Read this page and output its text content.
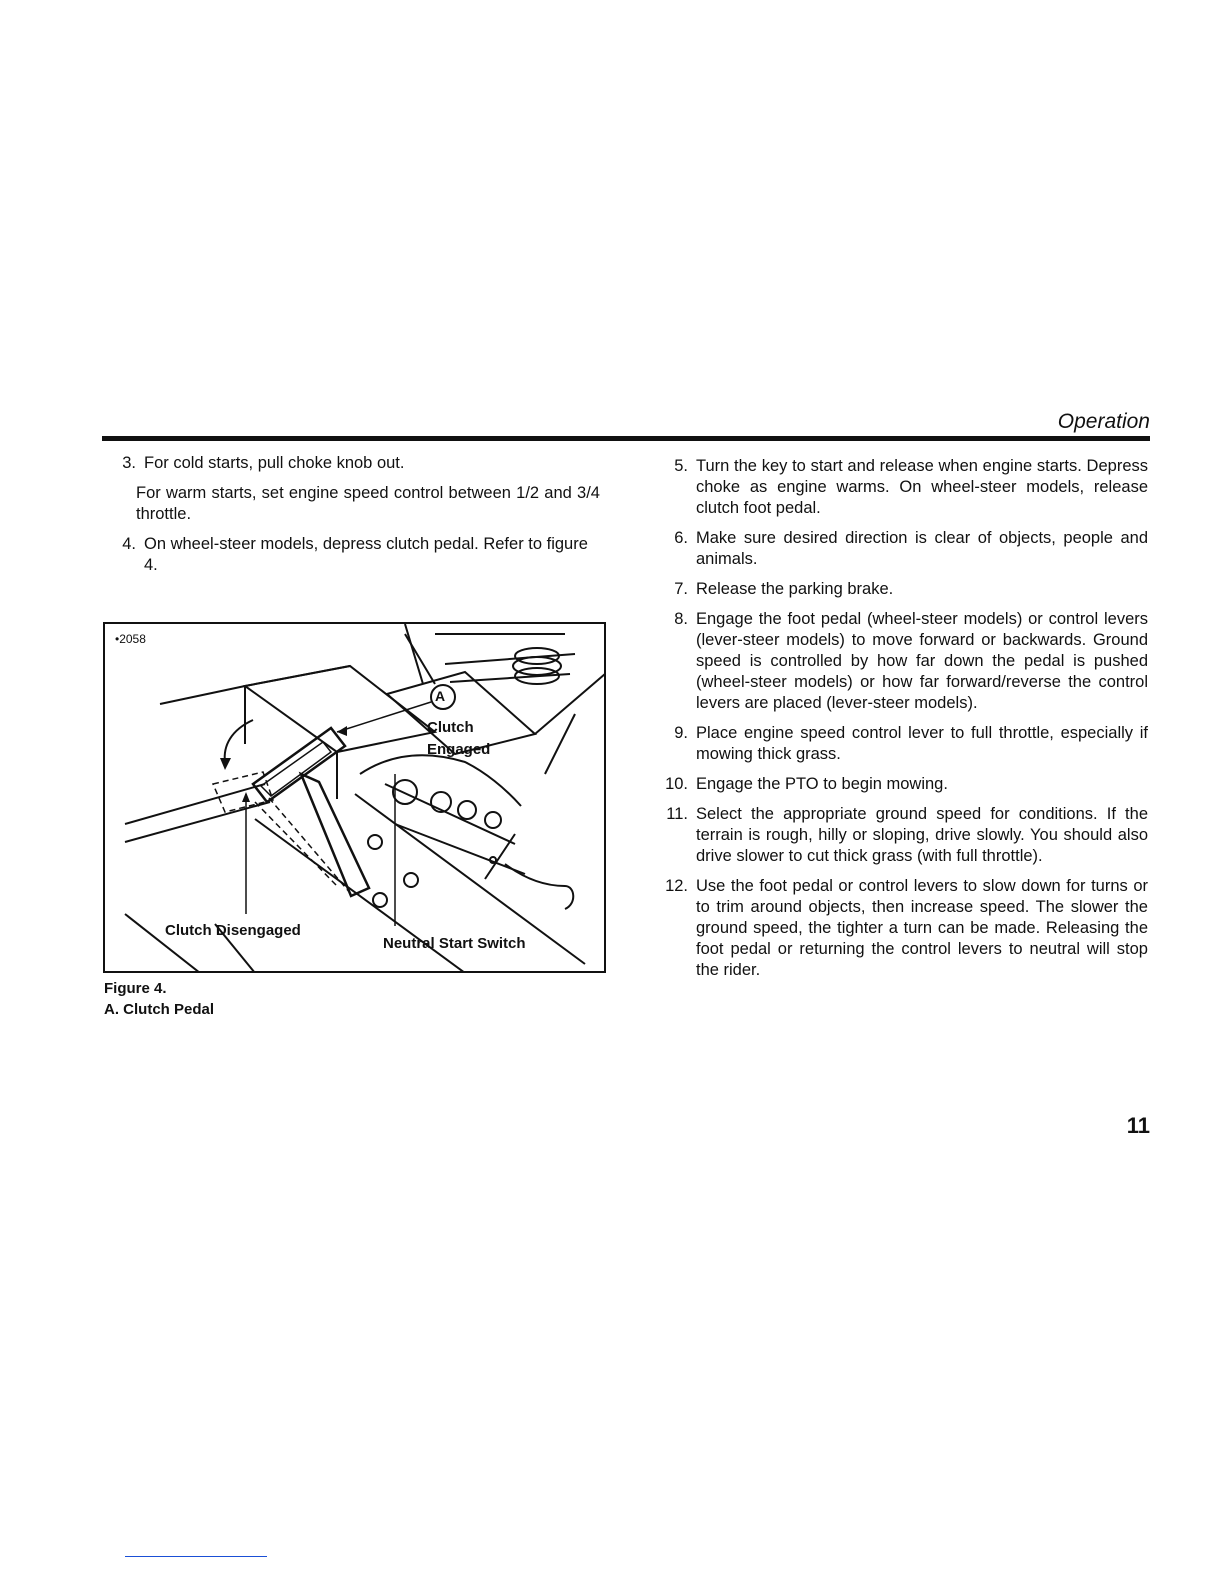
Operation
3. For cold starts, pull choke knob out.
For warm starts, set engine speed control between 1/2 and 3/4 throttle.
4. On wheel-steer models, depress clutch pedal. Refer to figure 4.
•2058
A
Clutch
Engaged
Clutch Disengaged
Neutral Start Switch
Figure 4.
A. Clutch Pedal
5. Turn the key to start and release when engine starts. Depress choke as engine warms. On wheel-steer models, release clutch foot pedal.
6. Make sure desired direction is clear of objects, people and animals.
7. Release the parking brake.
8. Engage the foot pedal (wheel-steer models) or control levers (lever-steer models) to move forward or backwards. Ground speed is controlled by how far down the pedal is pushed (wheel-steer models) or how far forward/reverse the control levers are placed (lever-steer models).
9. Place engine speed control lever to full throttle, especially if mowing thick grass.
10. Engage the PTO to begin mowing.
11. Select the appropriate ground speed for conditions. If the terrain is rough, hilly or sloping, drive slowly. You should also drive slower to cut thick grass (with full throttle).
12. Use the foot pedal or control levers to slow down for turns or to trim around objects, then increase speed. The slower the ground speed, the tighter a turn can be made. Releasing the foot pedal or returning the control levers to neutral will stop the rider.
11
